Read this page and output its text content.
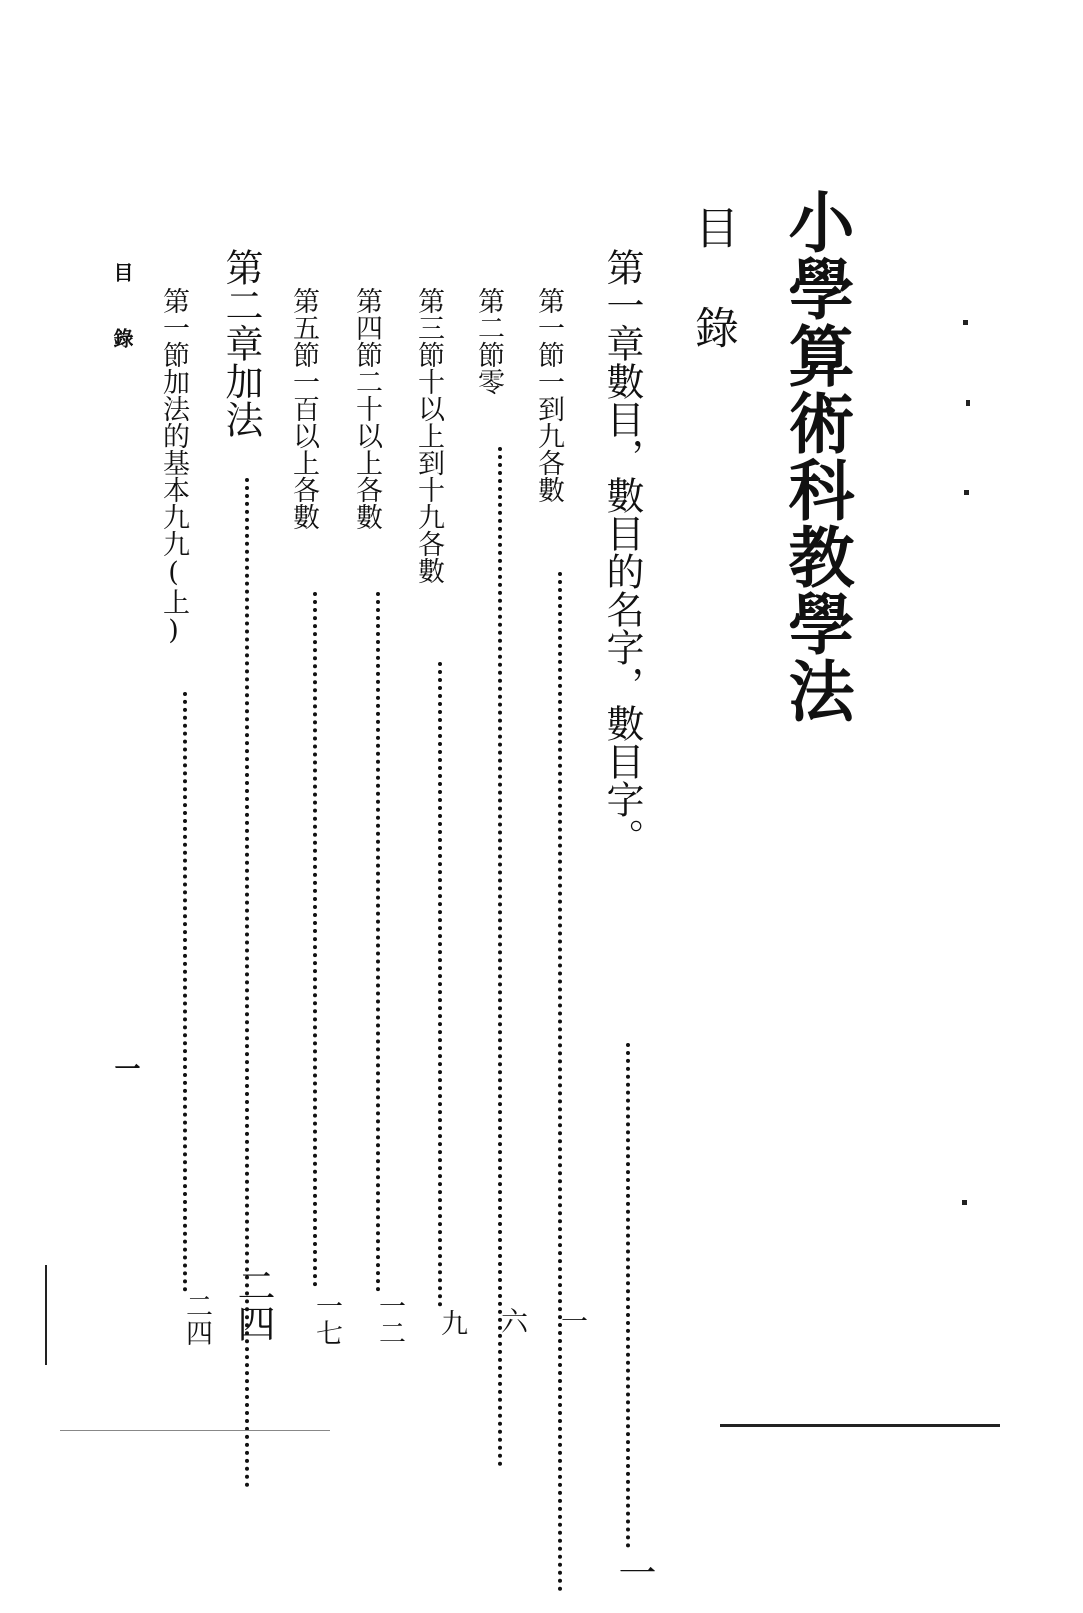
小學算術科教學法
目錄
第一章數目，數目的名字，數目字。
一
第一節一到九各數
一
第二節零
六
第三節十以上到十九各數
九
第四節二十以上各數
一二
第五節一百以上各數
一七
第二章加法
二四
第一節加法的基本九九(上)
二四
目錄
一
